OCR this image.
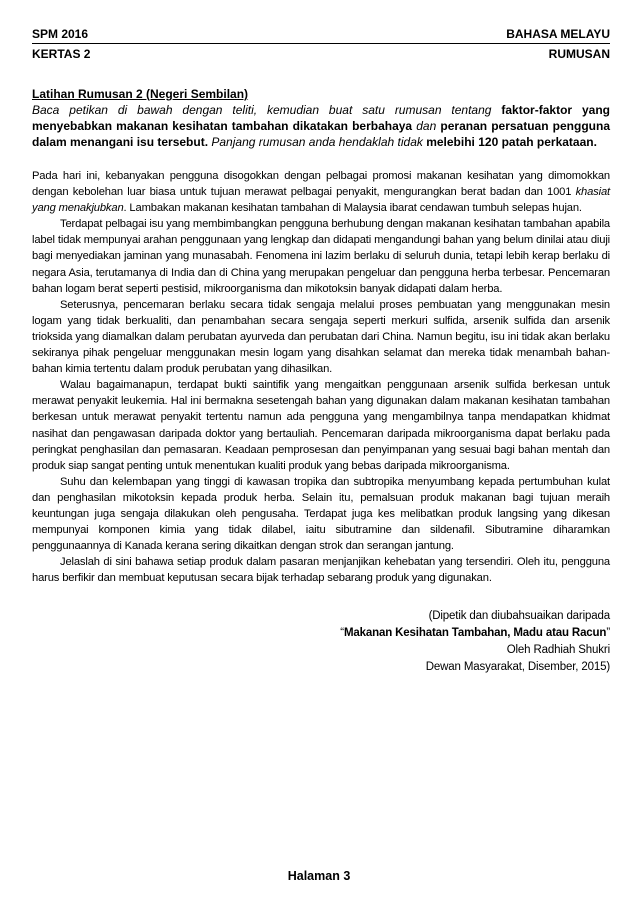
SPM 2016	BAHASA MELAYU
KERTAS 2	RUMUSAN
Latihan Rumusan 2 (Negeri Sembilan)
Baca petikan di bawah dengan teliti, kemudian buat satu rumusan tentang faktor-faktor yang menyebabkan makanan kesihatan tambahan dikatakan berbahaya dan peranan persatuan pengguna dalam menangani isu tersebut. Panjang rumusan anda hendaklah tidak melebihi 120 patah perkataan.

Pada hari ini, kebanyakan pengguna disogokkan dengan pelbagai promosi makanan kesihatan yang dimomokkan dengan kebolehan luar biasa untuk tujuan merawat pelbagai penyakit, mengurangkan berat badan dan 1001 khasiat yang menakjubkan. Lambakan makanan kesihatan tambahan di Malaysia ibarat cendawan tumbuh selepas hujan.

Terdapat pelbagai isu yang membimbangkan pengguna berhubung dengan makanan kesihatan tambahan apabila label tidak mempunyai arahan penggunaan yang lengkap dan didapati mengandungi bahan yang belum dinilai atau diuji bagi menyediakan jaminan yang munasabah. Fenomena ini lazim berlaku di seluruh dunia, tetapi lebih kerap berlaku di negara Asia, terutamanya di India dan di China yang merupakan pengeluar dan pengguna herba terbesar. Pencemaran bahan logam berat seperti pestisid, mikroorganisma dan mikotoksin banyak didapati dalam herba.

Seterusnya, pencemaran berlaku secara tidak sengaja melalui proses pembuatan yang menggunakan mesin logam yang tidak berkualiti, dan penambahan secara sengaja seperti merkuri sulfida, arsenik sulfida dan arsenik trioksida yang diamalkan dalam perubatan ayurveda dan perubatan dari China. Namun begitu, isu ini tidak akan berlaku sekiranya pihak pengeluar menggunakan mesin logam yang disahkan selamat dan mereka tidak menambah bahan-bahan kimia tertentu dalam produk perubatan yang dihasilkan.

Walau bagaimanapun, terdapat bukti saintifik yang mengaitkan penggunaan arsenik sulfida berkesan untuk merawat penyakit leukemia. Hal ini bermakna sesetengah bahan yang digunakan dalam makanan kesihatan tambahan berkesan untuk merawat penyakit tertentu namun ada pengguna yang mengambilnya tanpa mendapatkan khidmat nasihat dan pengawasan daripada doktor yang bertauliah. Pencemaran daripada mikroorganisma dapat berlaku pada peringkat penghasilan dan pemasaran. Keadaan pemprosesan dan penyimpanan yang sesuai bagi bahan mentah dan produk siap sangat penting untuk menentukan kualiti produk yang bebas daripada mikroorganisma.

Suhu dan kelembapan yang tinggi di kawasan tropika dan subtropika menyumbang kepada pertumbuhan kulat dan penghasilan mikotoksin kepada produk herba. Selain itu, pemalsuan produk makanan bagi tujuan meraih keuntungan juga sengaja dilakukan oleh pengusaha. Terdapat juga kes melibatkan produk langsing yang dikesan mempunyai komponen kimia yang tidak dilabel, iaitu sibutramine dan sildenafil. Sibutramine diharamkan penggunaannya di Kanada kerana sering dikaitkan dengan strok dan serangan jantung.

Jelaslah di sini bahawa setiap produk dalam pasaran menjanjikan kehebatan yang tersendiri. Oleh itu, pengguna harus berfikir dan membuat keputusan secara bijak terhadap sebarang produk yang digunakan.

(Dipetik dan diubahsuaikan daripada
“Makanan Kesihatan Tambahan, Madu atau Racun”
Oleh Radhiah Shukri
Dewan Masyarakat, Disember, 2015)
Halaman 3
